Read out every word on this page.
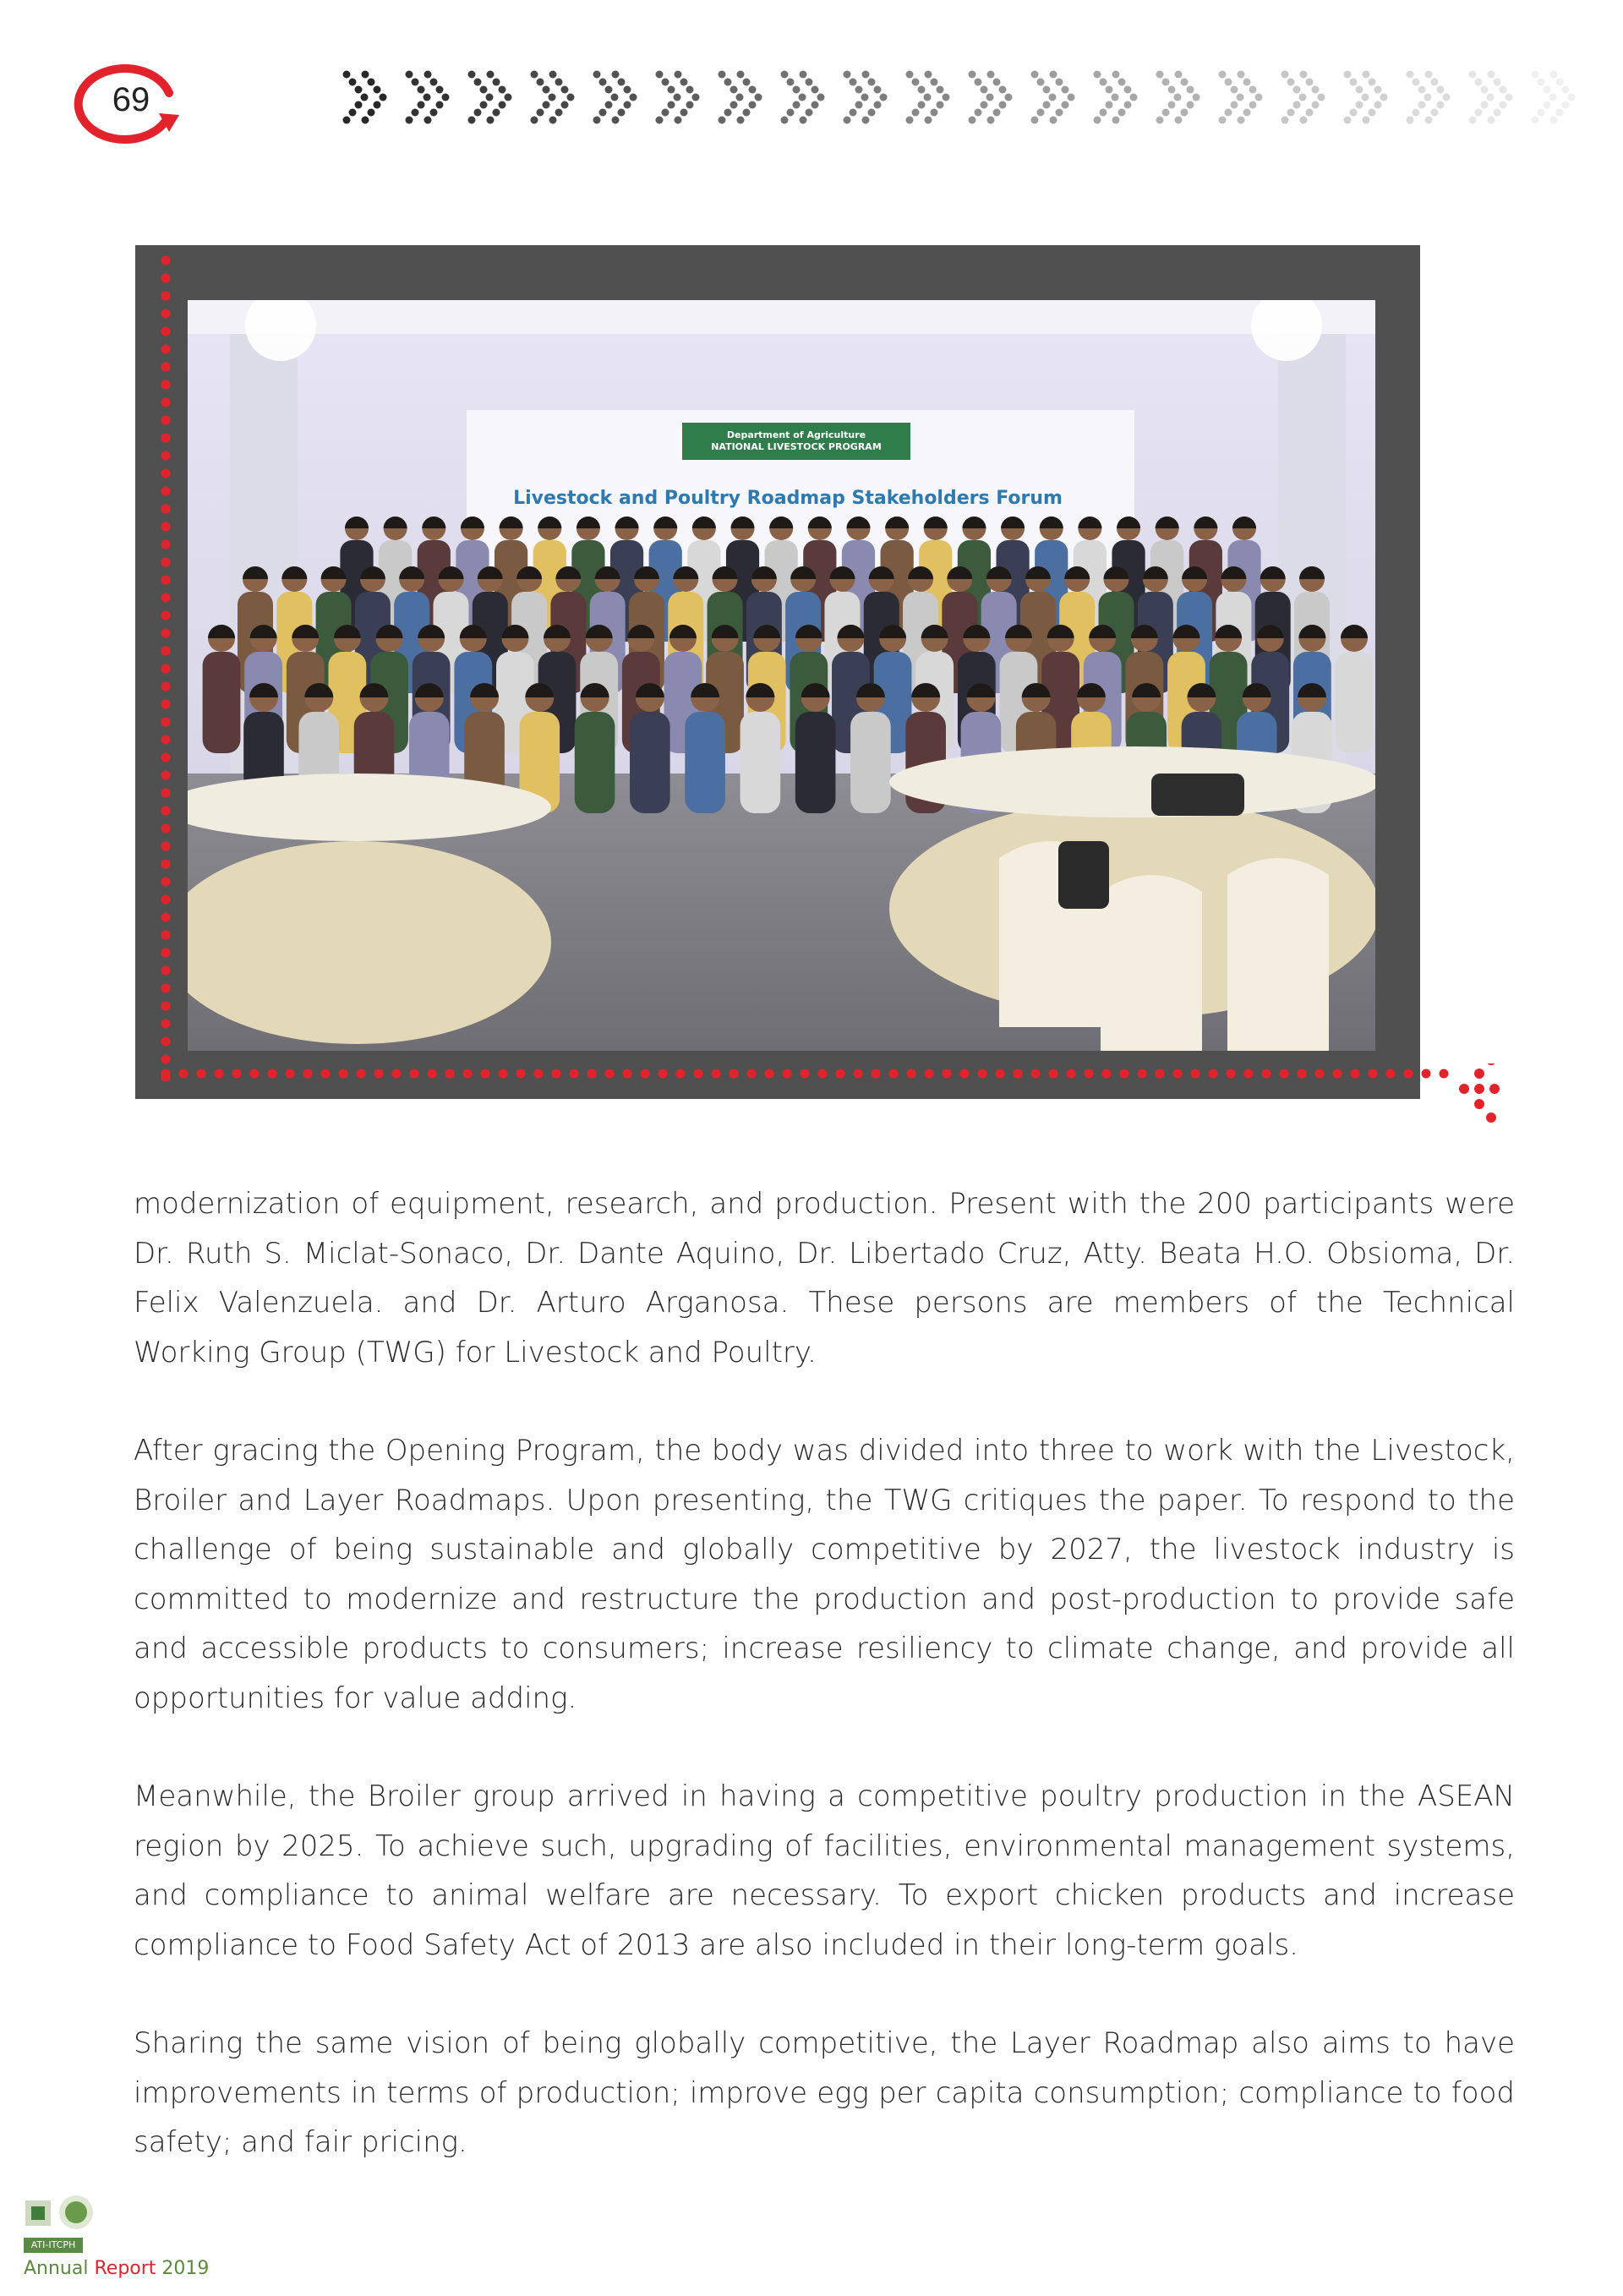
69
Department of Agriculture
NATIONAL LIVESTOCK PROGRAM
Livestock and Poultry Roadmap Stakeholders Forum

modernization of equipment, research, and production. Present with the 200 participants were Dr. Ruth S. Miclat-Sonaco, Dr. Dante Aquino, Dr. Libertado Cruz, Atty. Beata H.O. Obsioma, Dr. Felix Valenzuela. and Dr. Arturo Arganosa. These persons are members of the Technical Working Group (TWG) for Livestock and Poultry.

After gracing the Opening Program, the body was divided into three to work with the Livestock, Broiler and Layer Roadmaps. Upon presenting, the TWG critiques the paper. To respond to the challenge of being sustainable and globally competitive by 2027, the livestock industry is committed to modernize and restructure the production and post-production to provide safe and accessible products to consumers; increase resiliency to climate change, and provide all opportunities for value adding.

Meanwhile, the Broiler group arrived in having a competitive poultry production in the ASEAN region by 2025. To achieve such, upgrading of facilities, environmental management systems, and compliance to animal welfare are necessary. To export chicken products and increase compliance to Food Safety Act of 2013 are also included in their long-term goals.

Sharing the same vision of being globally competitive, the Layer Roadmap also aims to have improvements in terms of production; improve egg per capita consumption; compliance to food safety; and fair pricing.

ATI-ITCPH
Annual Report 2019
